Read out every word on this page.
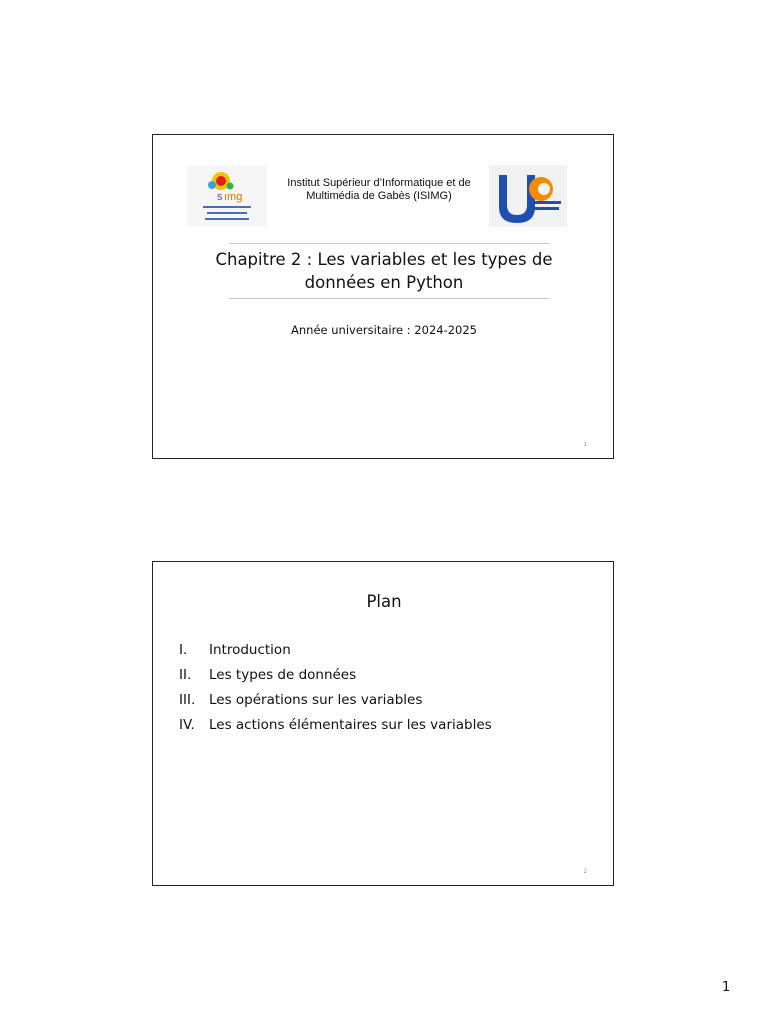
s ımg
Institut Supérieur d’Informatique et de Multimédia de Gabès (ISIMG)
Chapitre 2 : Les variables et les types de données en Python
Année universitaire : 2024-2025
1
Plan
I.	Introduction
II.	Les types de données
III.	Les opérations sur les variables
IV.	Les actions élémentaires sur les variables
2
1
